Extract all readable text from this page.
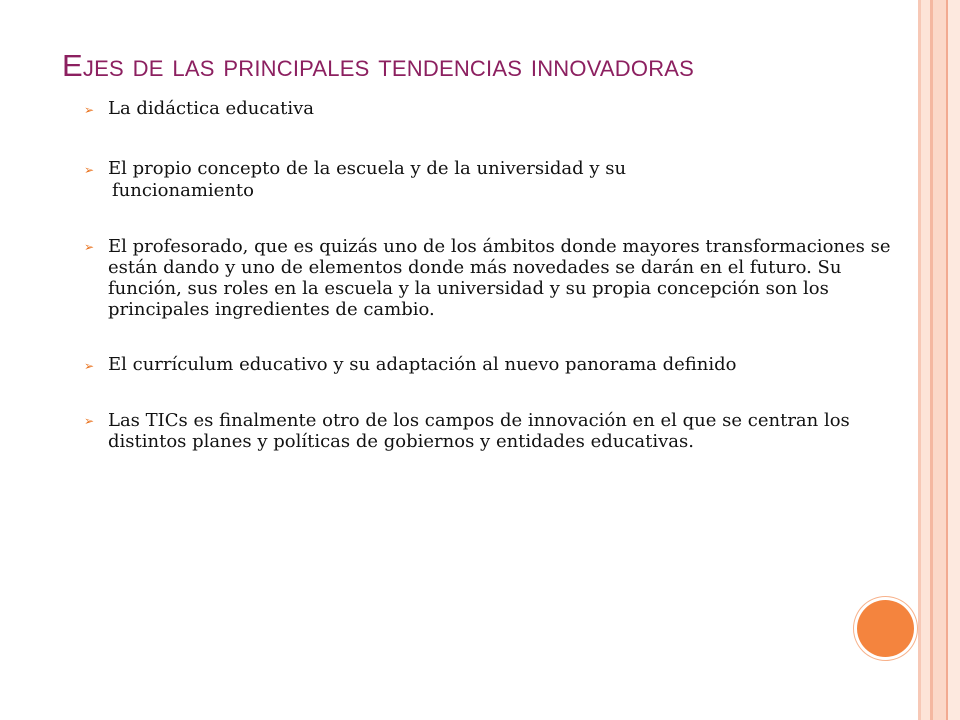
Ejes de las principales tendencias innovadoras
➢ La didáctica educativa

➢ El propio concepto de la escuela y de la universidad y su

funcionamiento

➢ El profesorado, que es quizás uno de los ámbitos donde mayores transformaciones se están dando y uno de elementos donde más novedades se darán en el futuro. Su función, sus roles en la escuela y la universidad y su propia concepción son los principales ingredientes de cambio.

➢ El currículum educativo y su adaptación al nuevo panorama definido

➢ Las TICs es finalmente otro de los campos de innovación en el que se centran los distintos planes y políticas de gobiernos y entidades educativas.
